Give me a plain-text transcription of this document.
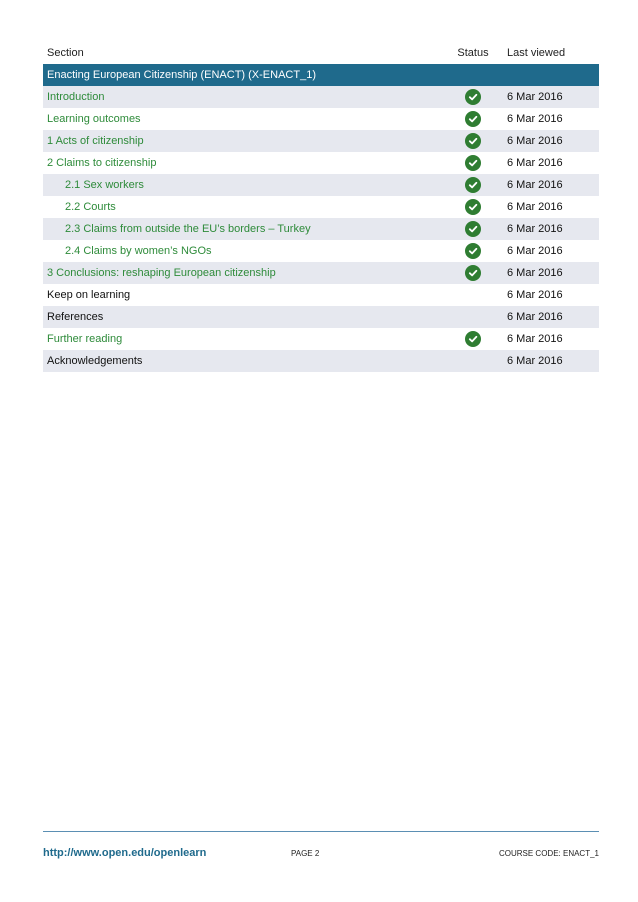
Section	Status	Last viewed
Enacting European Citizenship (ENACT) (X-ENACT_1)
Introduction	6 Mar 2016
Learning outcomes	6 Mar 2016
1 Acts of citizenship	6 Mar 2016
2 Claims to citizenship	6 Mar 2016
2.1 Sex workers	6 Mar 2016
2.2 Courts	6 Mar 2016
2.3 Claims from outside the EU’s borders – Turkey	6 Mar 2016
2.4 Claims by women’s NGOs	6 Mar 2016
3 Conclusions: reshaping European citizenship	6 Mar 2016
Keep on learning	6 Mar 2016
References	6 Mar 2016
Further reading	6 Mar 2016
Acknowledgements	6 Mar 2016
http://www.open.edu/openlearn	PAGE 2	COURSE CODE: ENACT_1
